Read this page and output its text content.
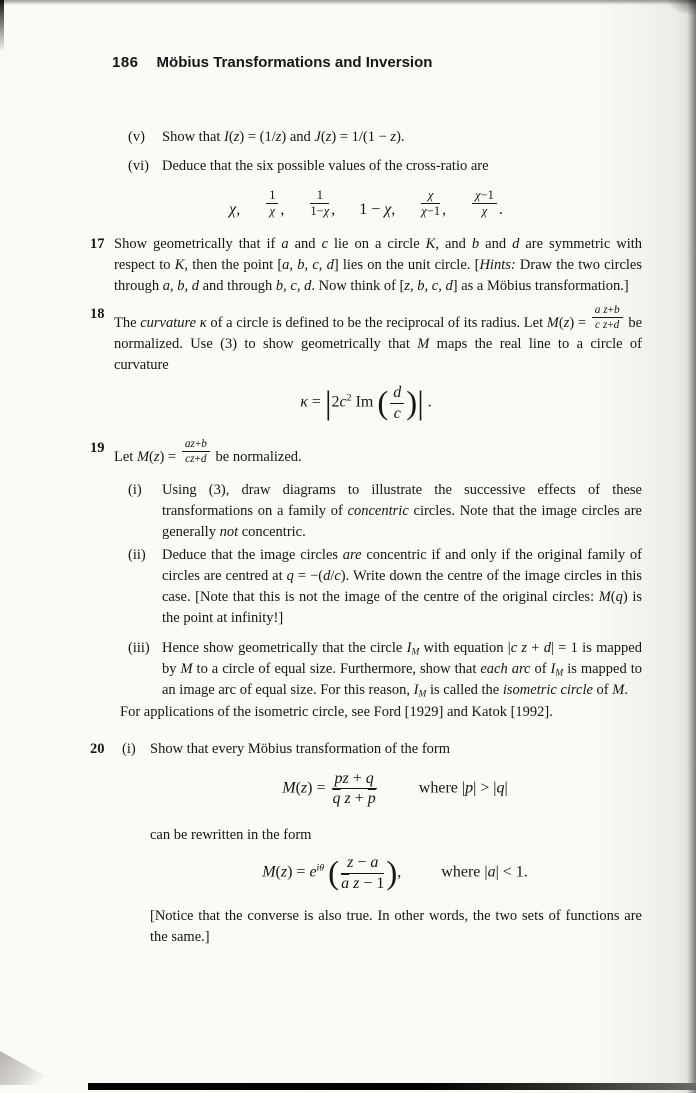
186 Möbius Transformations and Inversion
(v)	Show that I(z) = (1/z) and J(z) = 1/(1 − z).
(vi) Deduce that the six possible values of the cross-ratio are
χ,   $\frac{1}{\chi}$ ,   $\frac{1}{1-\chi}$ ,  1 − χ,   $\frac{\chi}{\chi-1}$ ,   $\frac{\chi-1}{\chi}$ .
17 Show geometrically that if a and c lie on a circle K, and b and d are symmetric with respect to K, then the point [a, b, c, d] lies on the unit circle. [Hints: Draw the two circles through a, b, d and through b, c, d. Now think of [z, b, c, d] as a Möbius transformation.]
18
The curvature κ of a circle is defined to be the reciprocal of its radius. Let $M(z) = \frac{\text{a z+b}}{\text{c z+d}}$ be normalized. Use (3) to show geometrically that M maps the real line to a circle of curvature
$\kappa = |2c^2$ Im ( $\frac{d}{c}$ )| .
19
Let $M(z) = \frac{az+b}{cz+d}$ be normalized.
(i)	Using (3), draw diagrams to illustrate the successive effects of these transformations on a family of concentric circles. Note that the image circles are generally not concentric.
(ii)	Deduce that the image circles are concentric if and only if the original family of circles are centred at q = −(d/c). Write down the centre of the image circles in this case. [Note that this is not the image of the centre of the original circles: M(q) is the point at infinity!]
(iii) Hence show geometrically that the circle $I_M$ with equation |c z + d| = 1 is mapped by M to a circle of equal size. Furthermore, show that each arc of $I_M$ is mapped to an image arc of equal size. For this reason, $I_M$ is called the isometric circle of M.
For applications of the isometric circle, see Ford [1929] and Katok [1992].
20	(i) Show that every Möbius transformation of the form
$M(z) = \frac{pz + q}{\overline{q} z + \overline{p}}$    where |p| > |q|
can be rewritten in the form
$M(z) = e^{i\theta}$ ( $\frac{z - a}{\overline{a} z - 1}$ ),   where |a| < 1.
[Notice that the converse is also true. In other words, the two sets of functions are the same.]
